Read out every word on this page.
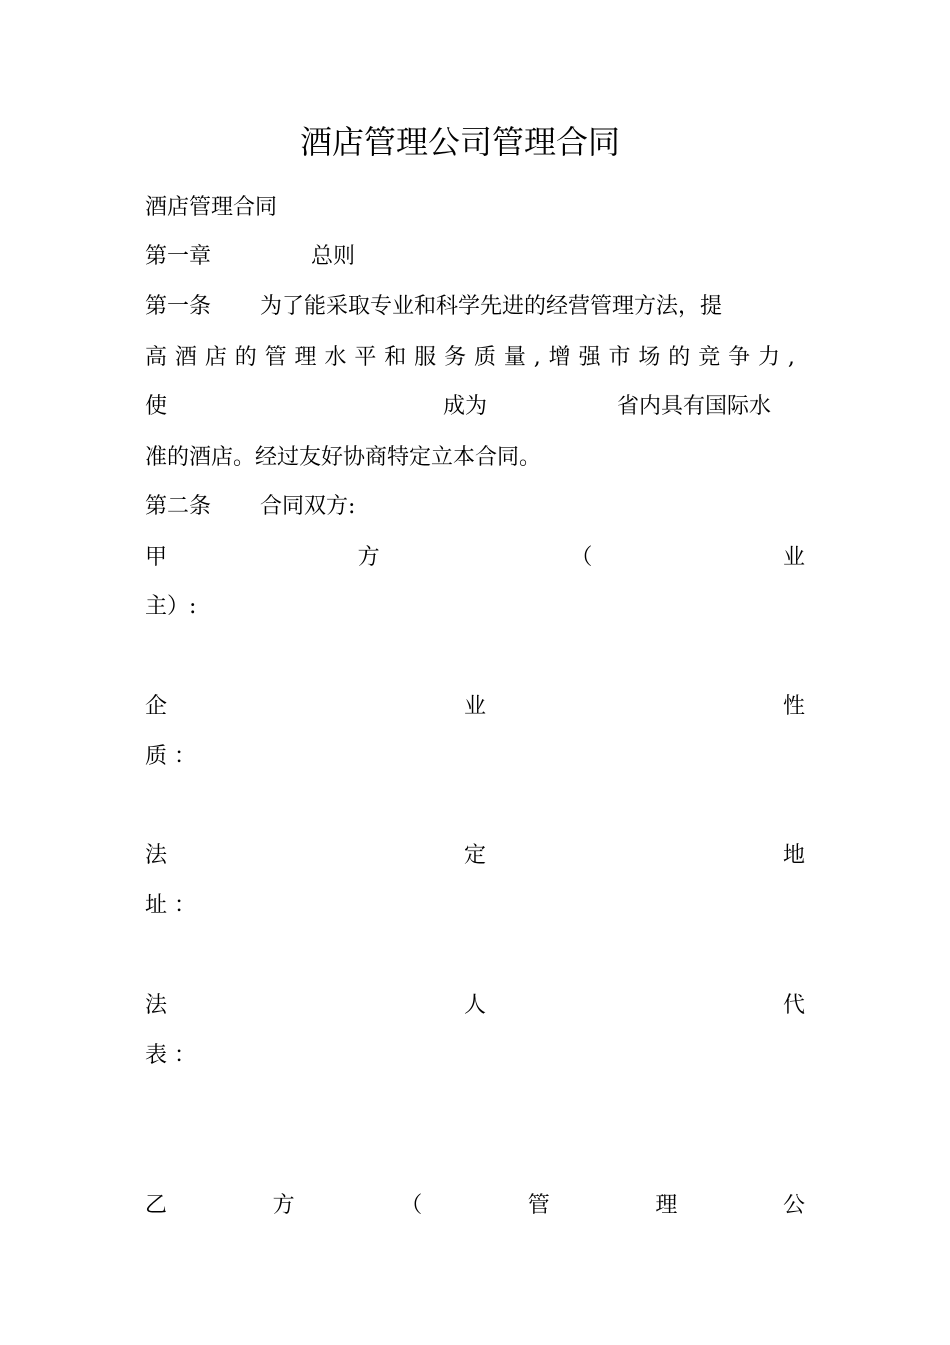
酒店管理公司管理合同
酒店管理合同
第一章	总则
第一条 为了能采取专业和科学先进的经营管理方法，提
高 酒 店 的 管 理 水 平 和 服 务 质 量 , 增 强 市 场 的 竞 争 力 ,
使	成为	省内具有国际水
准的酒店。经过友好协商特定立本合同。
第二条 合同双方:
甲	方	（	业
主）:
企	业	性
质 ：
法	定	地
址 ：
法	人	代
表 ：
乙	方	（	管	理	公
